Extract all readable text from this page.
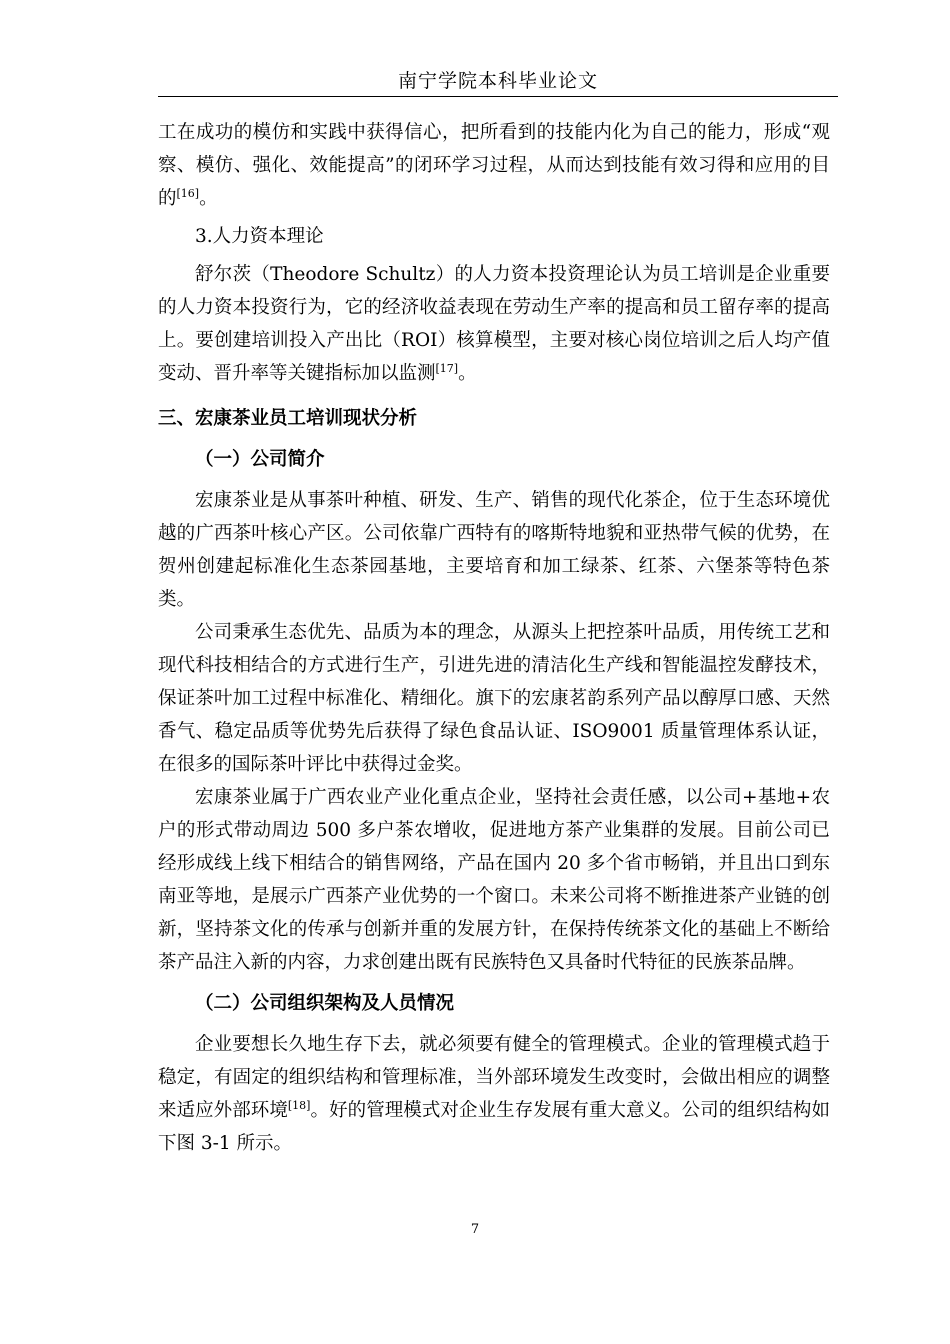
南宁学院本科毕业论文

工在成功的模仿和实践中获得信心，把所看到的技能内化为自己的能力，形成“观察、模仿、强化、效能提高”的闭环学习过程，从而达到技能有效习得和应用的目的[16]。

3.人力资本理论

舒尔茨（Theodore Schultz）的人力资本投资理论认为员工培训是企业重要的人力资本投资行为，它的经济收益表现在劳动生产率的提高和员工留存率的提高上。要创建培训投入产出比（ROI）核算模型，主要对核心岗位培训之后人均产值变动、晋升率等关键指标加以监测[17]。

三、宏康茶业员工培训现状分析

（一）公司简介

宏康茶业是从事茶叶种植、研发、生产、销售的现代化茶企，位于生态环境优越的广西茶叶核心产区。公司依靠广西特有的喀斯特地貌和亚热带气候的优势，在贺州创建起标准化生态茶园基地，主要培育和加工绿茶、红茶、六堡茶等特色茶类。

公司秉承生态优先、品质为本的理念，从源头上把控茶叶品质，用传统工艺和现代科技相结合的方式进行生产，引进先进的清洁化生产线和智能温控发酵技术，保证茶叶加工过程中标准化、精细化。旗下的宏康茗韵系列产品以醇厚口感、天然香气、稳定品质等优势先后获得了绿色食品认证、ISO9001 质量管理体系认证，在很多的国际茶叶评比中获得过金奖。

宏康茶业属于广西农业产业化重点企业，坚持社会责任感，以公司+基地+农户的形式带动周边 500 多户茶农增收，促进地方茶产业集群的发展。目前公司已经形成线上线下相结合的销售网络，产品在国内 20 多个省市畅销，并且出口到东南亚等地，是展示广西茶产业优势的一个窗口。未来公司将不断推进茶产业链的创新，坚持茶文化的传承与创新并重的发展方针，在保持传统茶文化的基础上不断给茶产品注入新的内容，力求创建出既有民族特色又具备时代特征的民族茶品牌。

（二）公司组织架构及人员情况

企业要想长久地生存下去，就必须要有健全的管理模式。企业的管理模式趋于稳定，有固定的组织结构和管理标准，当外部环境发生改变时，会做出相应的调整来适应外部环境[18]。好的管理模式对企业生存发展有重大意义。公司的组织结构如下图 3-1 所示。

7
